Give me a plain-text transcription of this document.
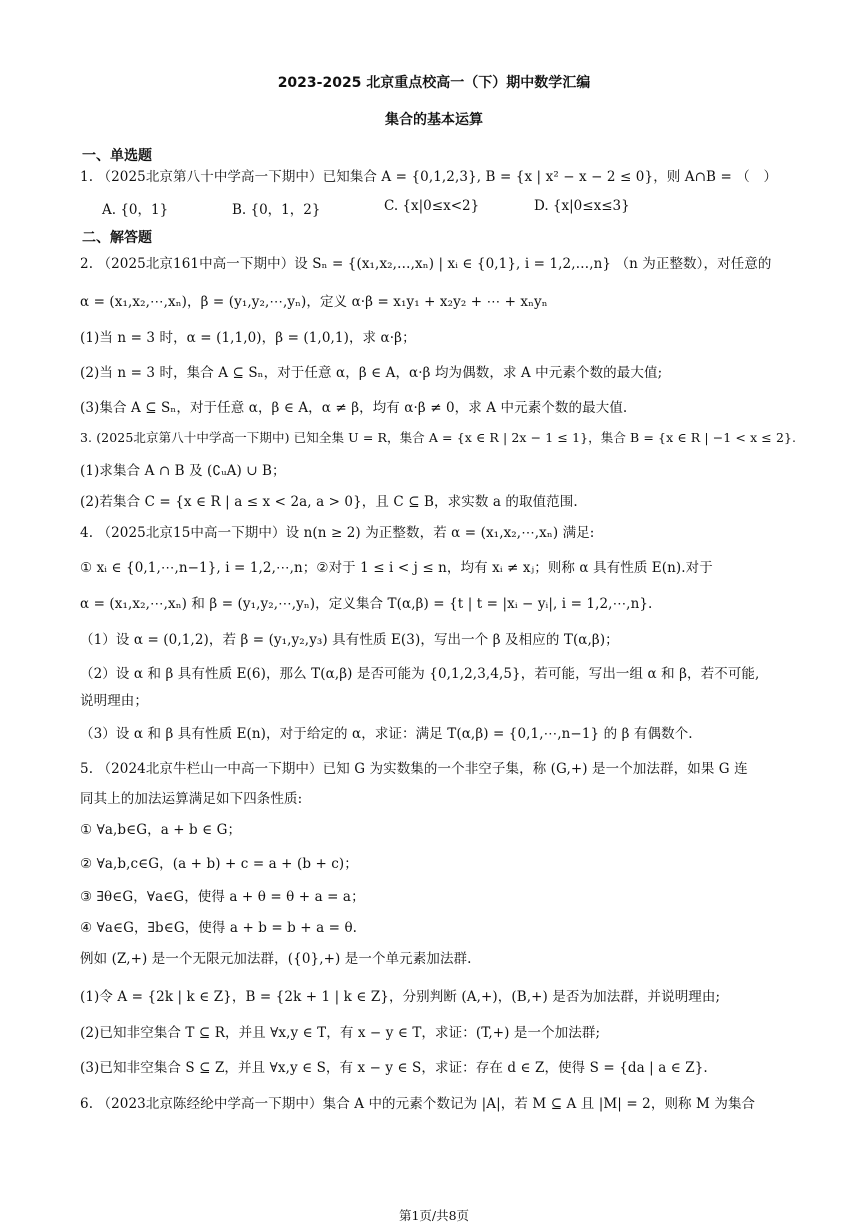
2023-2025 北京重点校高一（下）期中数学汇编
集合的基本运算
一、单选题
1. （2025北京第八十中学高一下期中）已知集合 A = {0,1,2,3}, B = {x | x² − x − 2 ≤ 0}，则 A∩B = （　）
A. {0，1}	B. {0，1，2}	C. {x|0≤x<2}	D. {x|0≤x≤3}
二、解答题
2. （2025北京161中高一下期中）设 Sₙ = {(x₁,x₂,…,xₙ) | xᵢ ∈ {0,1}, i = 1,2,…,n} （n 为正整数），对任意的
α = (x₁,x₂,⋯,xₙ)，β = (y₁,y₂,⋯,yₙ)，定义 α·β = x₁y₁ + x₂y₂ + ⋯ + xₙyₙ
(1)当 n = 3 时，α = (1,1,0)，β = (1,0,1)，求 α·β；
(2)当 n = 3 时，集合 A ⊆ Sₙ，对于任意 α，β ∈ A，α·β 均为偶数，求 A 中元素个数的最大值;
(3)集合 A ⊆ Sₙ，对于任意 α，β ∈ A，α ≠ β，均有 α·β ≠ 0，求 A 中元素个数的最大值.
3. (2025北京第八十中学高一下期中) 已知全集 U = R，集合 A = {x ∈ R | 2x − 1 ≤ 1}，集合 B = {x ∈ R | −1 < x ≤ 2}.
(1)求集合 A ∩ B 及 (∁ᵤA) ∪ B；
(2)若集合 C = {x ∈ R | a ≤ x < 2a, a > 0}，且 C ⊆ B，求实数 a 的取值范围.
4. （2025北京15中高一下期中）设 n(n ≥ 2) 为正整数，若 α = (x₁,x₂,⋯,xₙ) 满足:
① xᵢ ∈ {0,1,⋯,n−1}, i = 1,2,⋯,n；②对于 1 ≤ i < j ≤ n，均有 xᵢ ≠ xⱼ；则称 α 具有性质 E(n).对于
α = (x₁,x₂,⋯,xₙ) 和 β = (y₁,y₂,⋯,yₙ)，定义集合 T(α,β) = {t | t = |xᵢ − yᵢ|, i = 1,2,⋯,n}.
（1）设 α = (0,1,2)，若 β = (y₁,y₂,y₃) 具有性质 E(3)，写出一个 β 及相应的 T(α,β)；
（2）设 α 和 β 具有性质 E(6)，那么 T(α,β) 是否可能为 {0,1,2,3,4,5}，若可能，写出一组 α 和 β，若不可能,
说明理由；
（3）设 α 和 β 具有性质 E(n)，对于给定的 α，求证：满足 T(α,β) = {0,1,⋯,n−1} 的 β 有偶数个.
5. （2024北京牛栏山一中高一下期中）已知 G 为实数集的一个非空子集，称 (G,+) 是一个加法群，如果 G 连
同其上的加法运算满足如下四条性质:
① ∀a,b∈G，a + b ∈ G；
② ∀a,b,c∈G，(a + b) + c = a + (b + c)；
③ ∃θ∈G，∀a∈G，使得 a + θ = θ + a = a；
④ ∀a∈G，∃b∈G，使得 a + b = b + a = θ.
例如 (Z,+) 是一个无限元加法群，({0},+) 是一个单元素加法群.
(1)令 A = {2k | k ∈ Z}，B = {2k + 1 | k ∈ Z}，分别判断 (A,+)，(B,+) 是否为加法群，并说明理由;
(2)已知非空集合 T ⊆ R，并且 ∀x,y ∈ T，有 x − y ∈ T，求证：(T,+) 是一个加法群;
(3)已知非空集合 S ⊆ Z，并且 ∀x,y ∈ S，有 x − y ∈ S，求证：存在 d ∈ Z，使得 S = {da | a ∈ Z}.
6. （2023北京陈经纶中学高一下期中）集合 A 中的元素个数记为 |A|，若 M ⊆ A 且 |M| = 2，则称 M 为集合
第1页/共8页
